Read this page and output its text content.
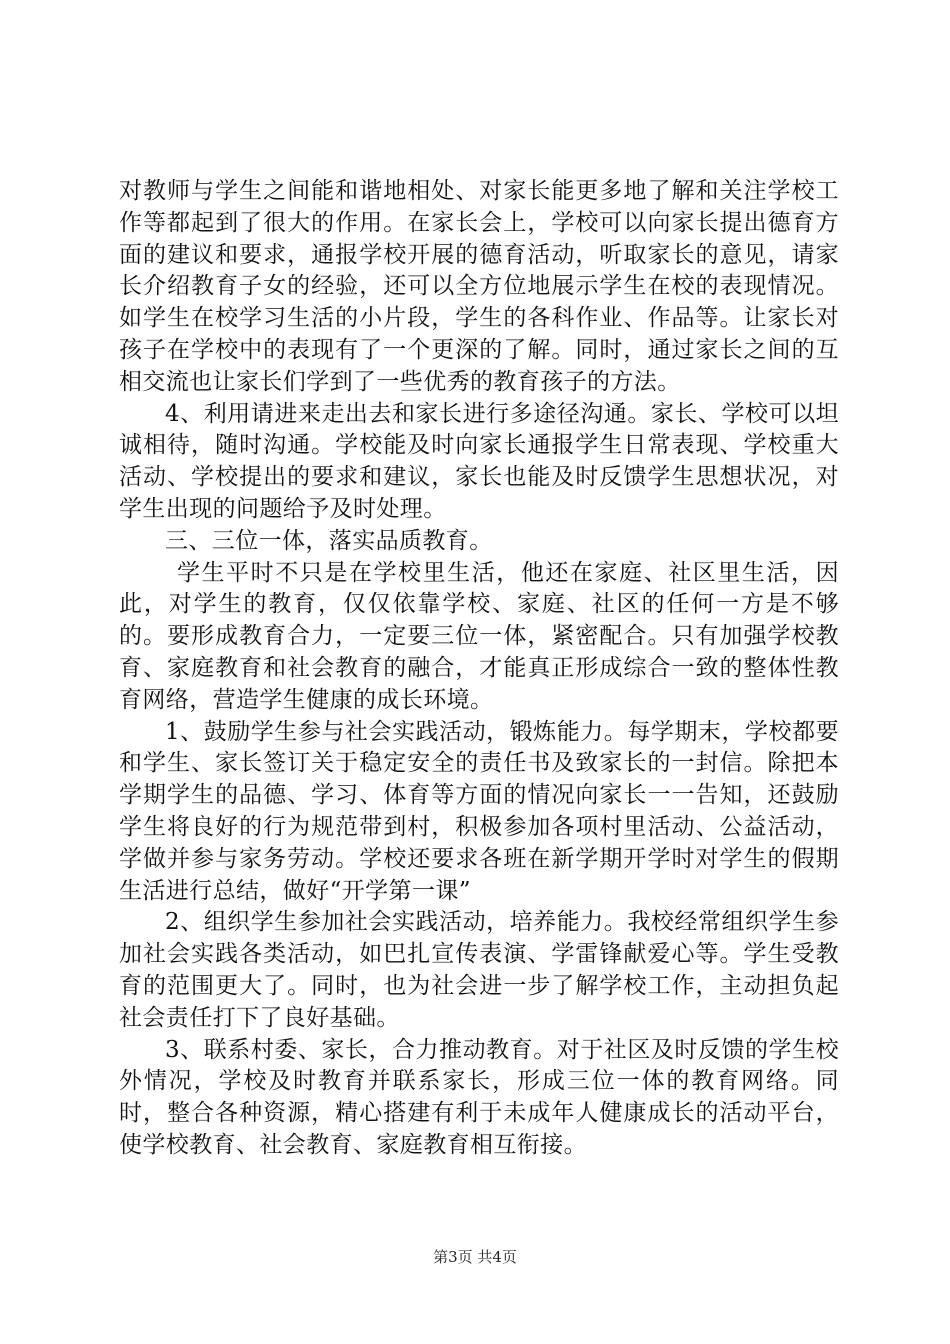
对教师与学生之间能和谐地相处、对家长能更多地了解和关注学校工作等都起到了很大的作用。在家长会上，学校可以向家长提出德育方面的建议和要求，通报学校开展的德育活动，听取家长的意见，请家长介绍教育子女的经验，还可以全方位地展示学生在校的表现情况。如学生在校学习生活的小片段，学生的各科作业、作品等。让家长对孩子在学校中的表现有了一个更深的了解。同时，通过家长之间的互相交流也让家长们学到了一些优秀的教育孩子的方法。

4、利用请进来走出去和家长进行多途径沟通。家长、学校可以坦诚相待，随时沟通。学校能及时向家长通报学生日常表现、学校重大活动、学校提出的要求和建议，家长也能及时反馈学生思想状况，对学生出现的问题给予及时处理。

三、三位一体，落实品质教育。

学生平时不只是在学校里生活，他还在家庭、社区里生活，因此，对学生的教育，仅仅依靠学校、家庭、社区的任何一方是不够的。要形成教育合力，一定要三位一体，紧密配合。只有加强学校教育、家庭教育和社会教育的融合，才能真正形成综合一致的整体性教育网络，营造学生健康的成长环境。

1、鼓励学生参与社会实践活动，锻炼能力。每学期末，学校都要和学生、家长签订关于稳定安全的责任书及致家长的一封信。除把本学期学生的品德、学习、体育等方面的情况向家长一一告知，还鼓励学生将良好的行为规范带到村，积极参加各项村里活动、公益活动，学做并参与家务劳动。学校还要求各班在新学期开学时对学生的假期生活进行总结，做好“开学第一课”

2、组织学生参加社会实践活动，培养能力。我校经常组织学生参加社会实践各类活动，如巴扎宣传表演、学雷锋献爱心等。学生受教育的范围更大了。同时，也为社会进一步了解学校工作，主动担负起社会责任打下了良好基础。

3、联系村委、家长，合力推动教育。对于社区及时反馈的学生校外情况，学校及时教育并联系家长，形成三位一体的教育网络。同时，整合各种资源，精心搭建有利于未成年人健康成长的活动平台，使学校教育、社会教育、家庭教育相互衔接。

第3页 共4页
